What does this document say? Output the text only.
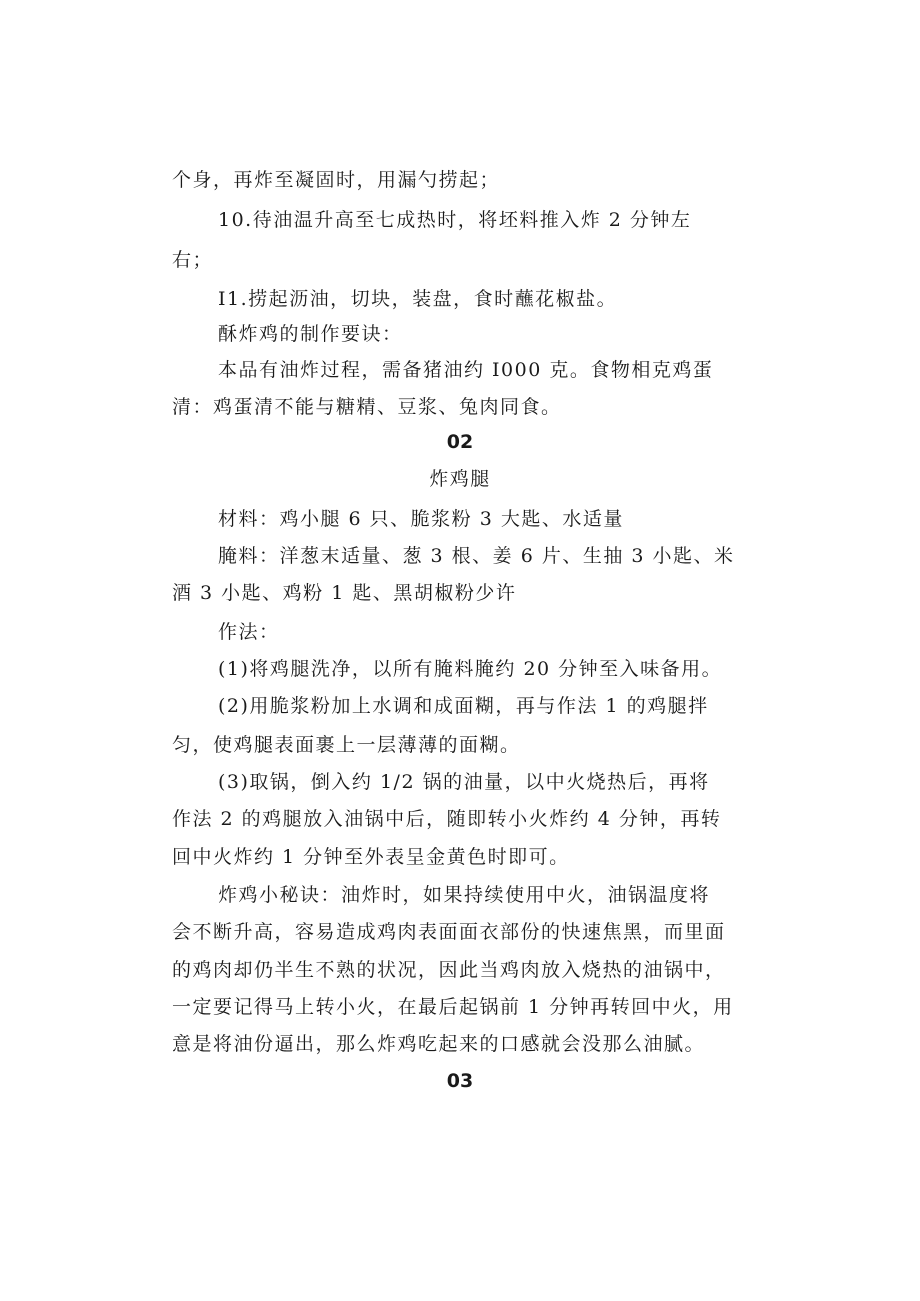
个身，再炸至凝固时，用漏勺捞起；
10.待油温升高至七成热时，将坯料推入炸 2 分钟左
右；
I1.捞起沥油，切块，装盘，食时蘸花椒盐。
酥炸鸡的制作要诀：
本品有油炸过程，需备猪油约 I000 克。食物相克鸡蛋
清：鸡蛋清不能与糖精、豆浆、兔肉同食。
02
炸鸡腿
材料：鸡小腿 6 只、脆浆粉 3 大匙、水适量
腌料：洋葱末适量、葱 3 根、姜 6 片、生抽 3 小匙、米
酒 3 小匙、鸡粉 1 匙、黑胡椒粉少许
作法：
(1)将鸡腿洗净，以所有腌料腌约 20 分钟至入味备用。
(2)用脆浆粉加上水调和成面糊，再与作法 1 的鸡腿拌
匀，使鸡腿表面裹上一层薄薄的面糊。
(3)取锅，倒入约 1/2 锅的油量，以中火烧热后，再将
作法 2 的鸡腿放入油锅中后，随即转小火炸约 4 分钟，再转
回中火炸约 1 分钟至外表呈金黄色时即可。
炸鸡小秘诀：油炸时，如果持续使用中火，油锅温度将
会不断升高，容易造成鸡肉表面面衣部份的快速焦黑，而里面
的鸡肉却仍半生不熟的状况，因此当鸡肉放入烧热的油锅中，
一定要记得马上转小火，在最后起锅前 1 分钟再转回中火，用
意是将油份逼出，那么炸鸡吃起来的口感就会没那么油腻。
03
